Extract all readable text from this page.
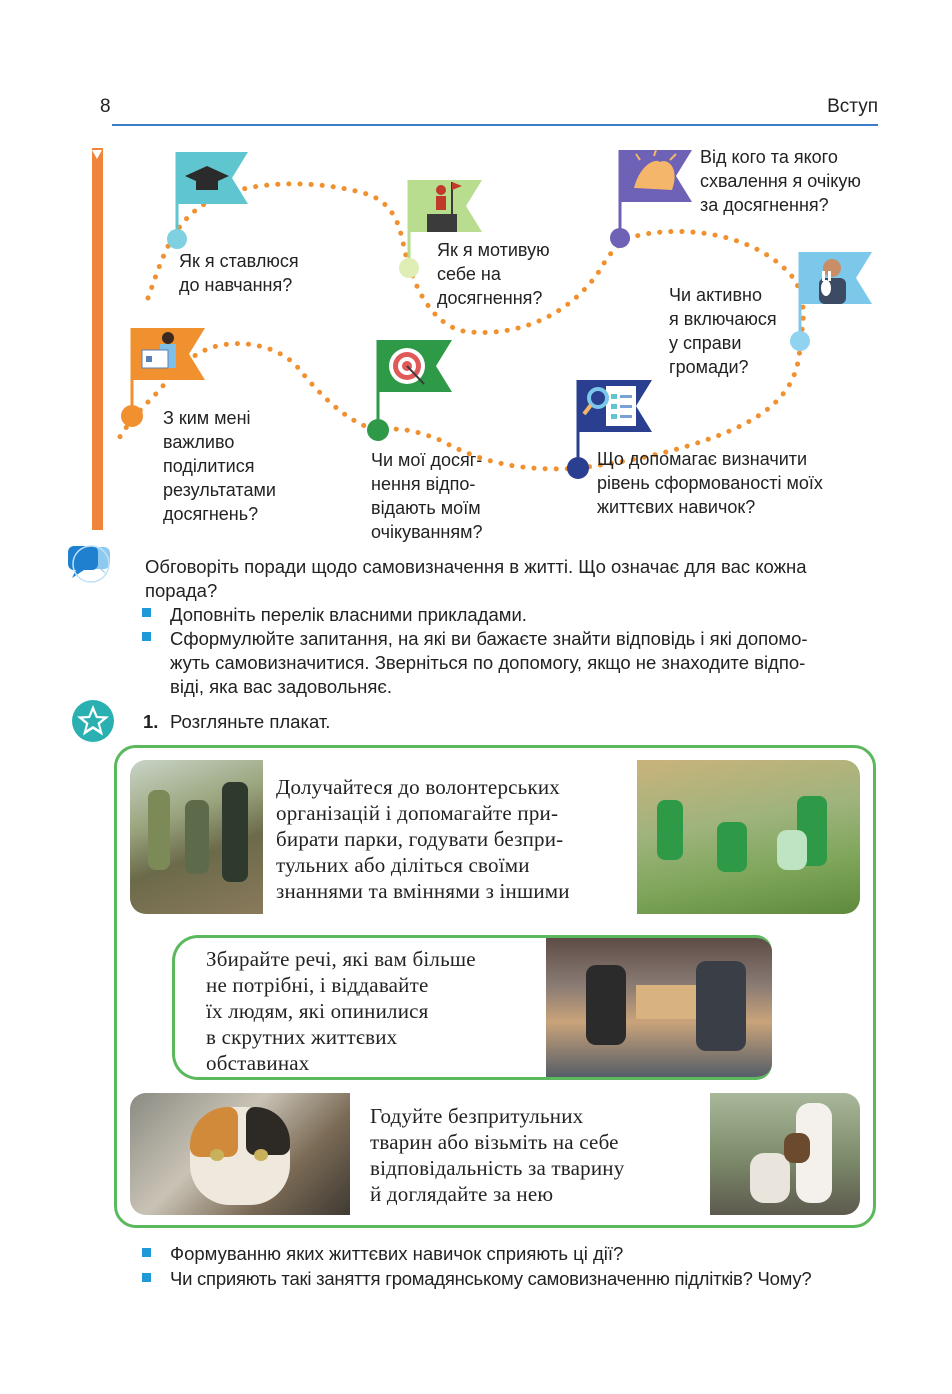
8	Вступ
Як я ставлюся
до навчання?
Як я мотивую
себе на
досягнення?
Від кого та якого
схвалення я очікую
за досягнення?
Чи активно
я включаюся
у справи
громади?
З ким мені
важливо
поділитися
результатами
досягнень?
Чи мої досяг-
нення відпо-
відають моїм
очікуванням?
Що допомагає визначити
рівень сформованості моїх
життєвих навичок?
Обговоріть поради щодо самовизначення в житті. Що означає для вас кожна
порада?
Доповніть перелік власними прикладами.
Сформулюйте запитання, на які ви бажаєте знайти відповідь і які допомо-
жуть самовизначитися. Зверніться по допомогу, якщо не знаходите відпо-
віді, яка вас задовольняє.
1. Розгляньте плакат.
Долучайтеся до волонтерських
організацій і допомагайте при-
бирати парки, годувати безпри-
тульних або діліться своїми
знаннями та вміннями з іншими
Збирайте речі, які вам більше
не потрібні, і віддавайте
їх людям, які опинилися
в скрутних життєвих
обставинах
Годуйте безпритульних
тварин або візьміть на себе
відповідальність за тварину
й доглядайте за нею
Формуванню яких життєвих навичок сприяють ці дії?
Чи сприяють такі заняття громадянському самовизначенню підлітків? Чому?
